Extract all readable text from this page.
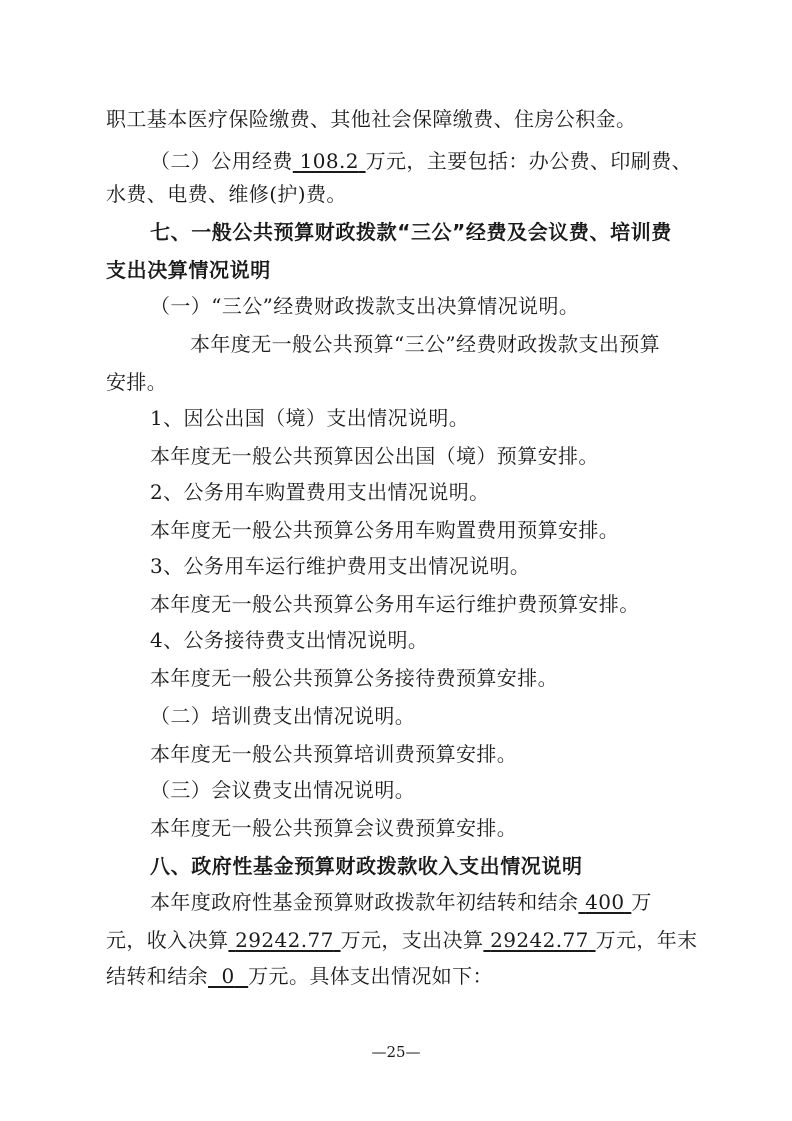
职工基本医疗保险缴费、其他社会保障缴费、住房公积金。
（二）公用经费 108.2 万元，主要包括：办公费、印刷费、
水费、电费、维修(护)费。
七、一般公共预算财政拨款“三公”经费及会议费、培训费
支出决算情况说明
（一）“三公”经费财政拨款支出决算情况说明。
本年度无一般公共预算“三公”经费财政拨款支出预算
安排。
1、因公出国（境）支出情况说明。
本年度无一般公共预算因公出国（境）预算安排。
2、公务用车购置费用支出情况说明。
本年度无一般公共预算公务用车购置费用预算安排。
3、公务用车运行维护费用支出情况说明。
本年度无一般公共预算公务用车运行维护费预算安排。
4、公务接待费支出情况说明。
本年度无一般公共预算公务接待费预算安排。
（二）培训费支出情况说明。
本年度无一般公共预算培训费预算安排。
（三）会议费支出情况说明。
本年度无一般公共预算会议费预算安排。
八、政府性基金预算财政拨款收入支出情况说明
本年度政府性基金预算财政拨款年初结转和结余 400 万
元，收入决算 29242.77 万元，支出决算 29242.77 万元，年末
结转和结余 0 万元。具体支出情况如下：
—25—
